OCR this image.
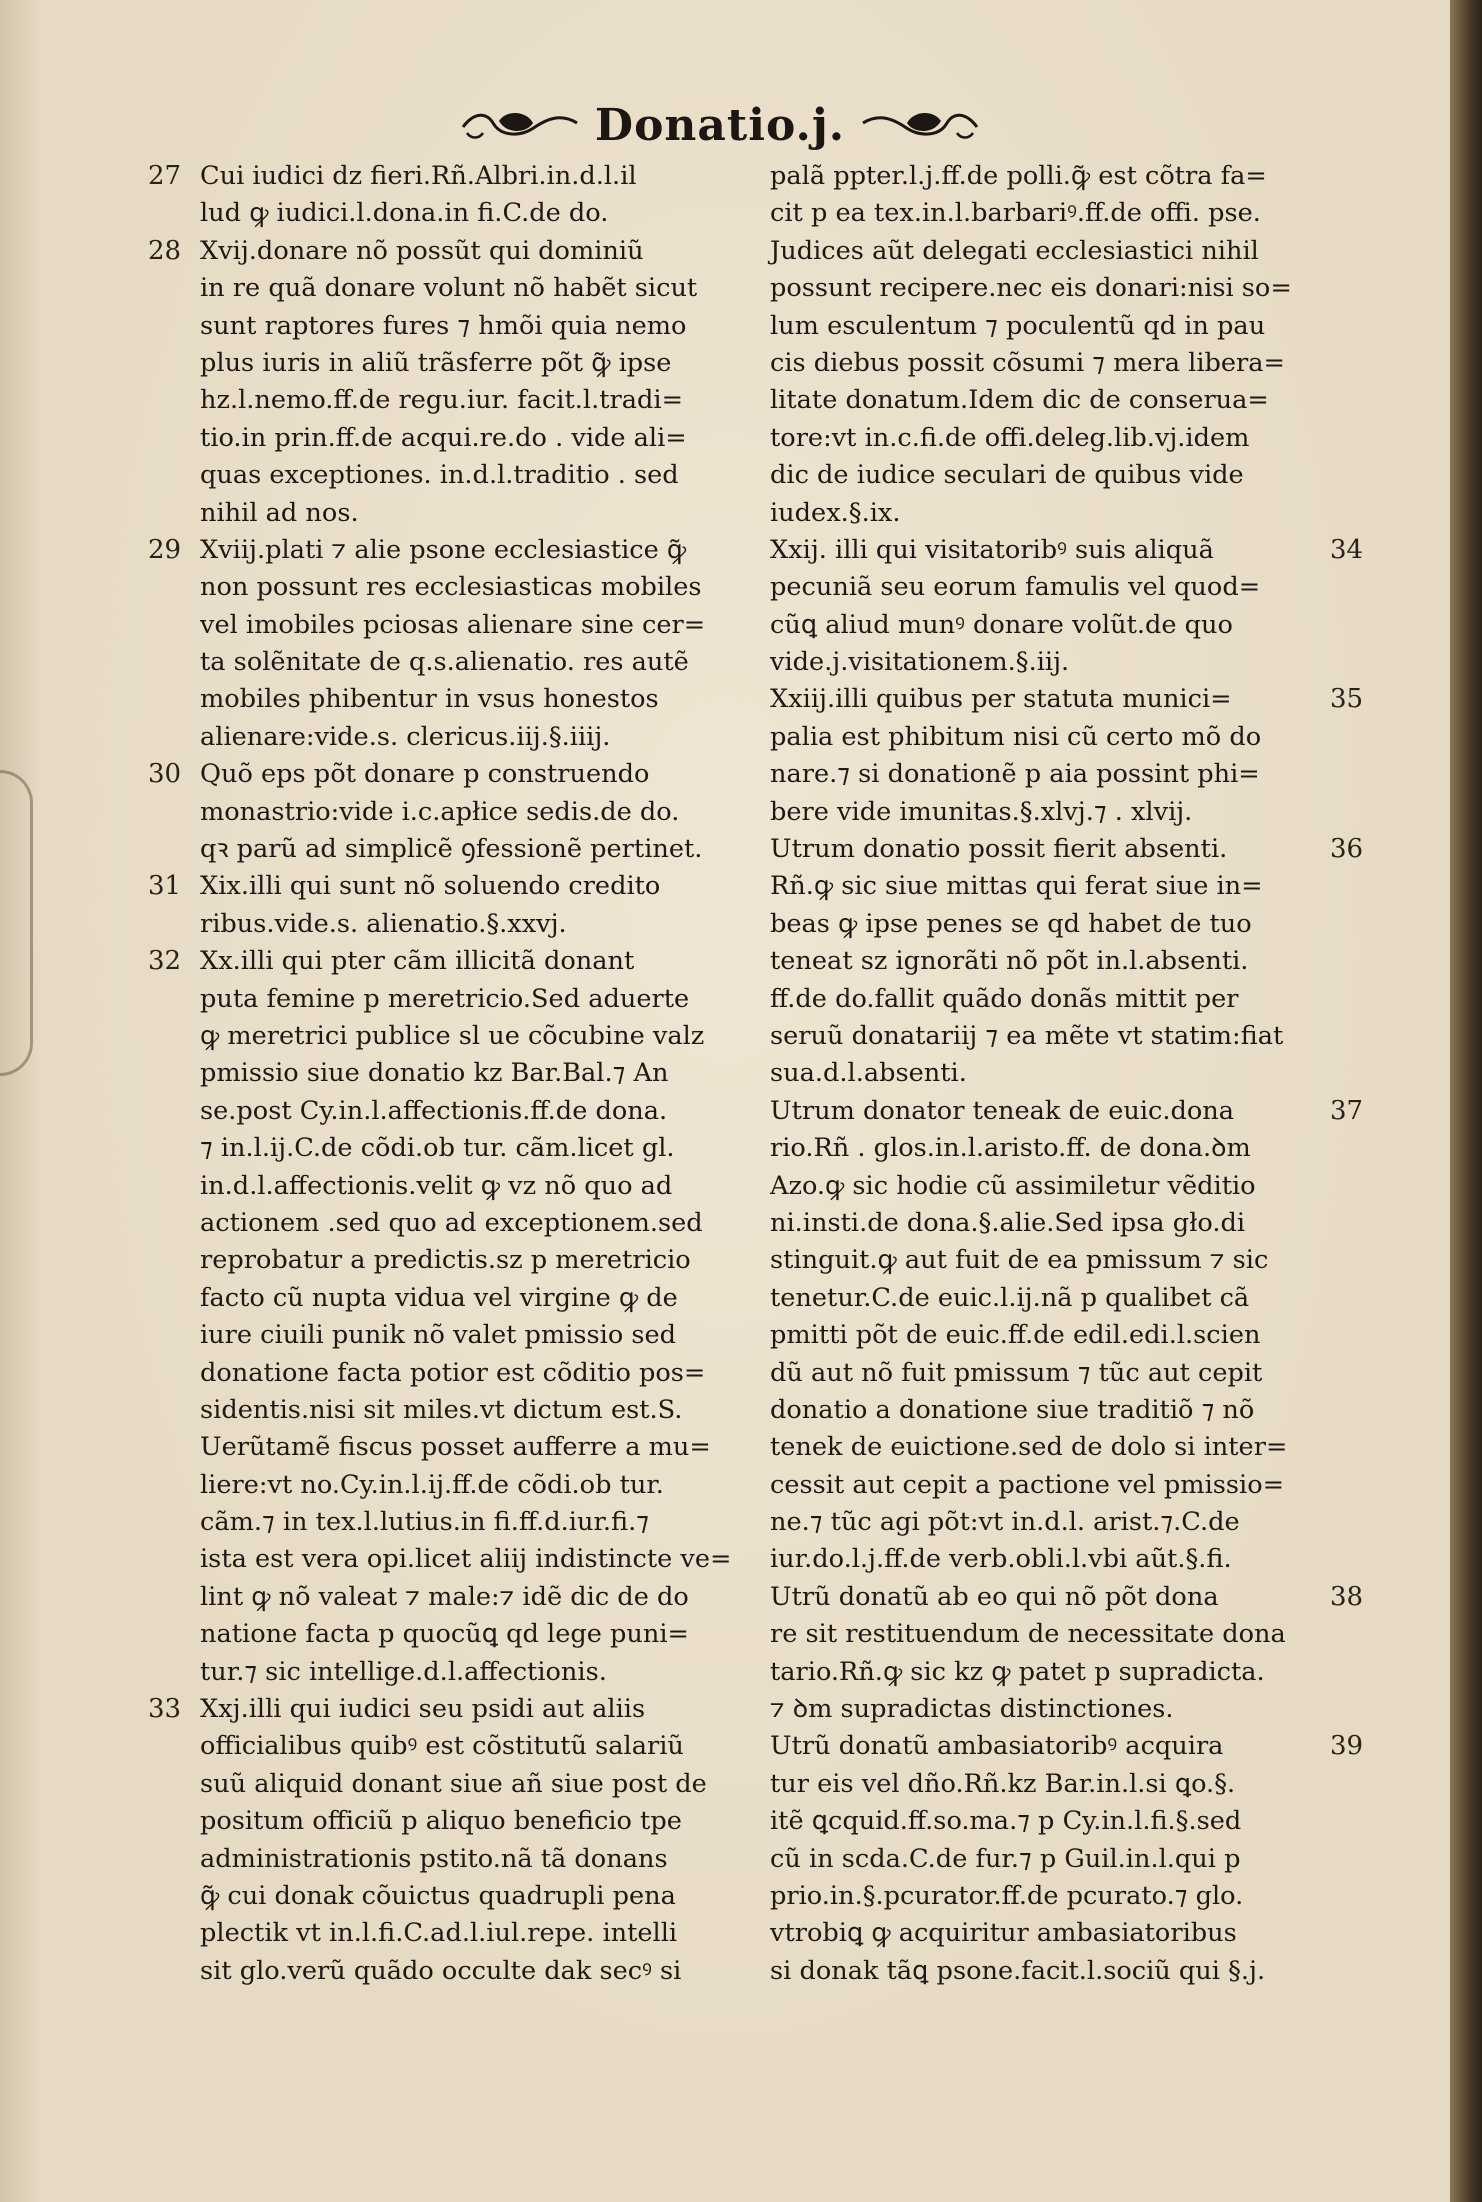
Donatio.j.
27 Cui iudici dz fieri.Rñ.Albri.in.d.l.il
lud ꝙ iudici.l.dona.in fi.C.de do.
28 Xvij.donare nõ possũt qui dominiũ
in re quã donare volunt nõ habẽt sicut
sunt raptores fures ⁊ hmõi quia nemo
plus iuris in aliũ trãsferre põt ꝙ̃ ipse
hz.l.nemo.ff.de regu.iur. facit.l.tradi=
tio.in prin.ff.de acqui.re.do . vide ali=
quas exceptiones. in.d.l.traditio . sed
nihil ad nos.
29 Xviij.plati ⁊ alie psone ecclesiastice ꝙ̃
non possunt res ecclesiasticas mobiles
vel imobiles pciosas alienare sine cer=
ta solẽnitate de q.s.alienatio. res autẽ
mobiles phibentur in vsus honestos
alienare:vide.s. clericus.iij.§.iiij.
30 Quõ eps põt donare p construendo
monastrio:vide i.c.apłice sedis.de do.
qꝛ parũ ad simplicẽ ꝯfessionẽ pertinet.
31 Xix.illi qui sunt nõ soluendo credito
ribus.vide.s. alienatio.§.xxvj.
32 Xx.illi qui pter cãm illicitã donant
puta femine p meretricio.Sed aduerte
ꝙ meretrici publice sl ue cõcubine valz
pmissio siue donatio kz Bar.Bal.⁊ An
se.post Cy.in.l.affectionis.ff.de dona.
⁊ in.l.ij.C.de cõdi.ob tur. cãm.licet gl.
in.d.l.affectionis.velit ꝙ vz nõ quo ad
actionem .sed quo ad exceptionem.sed
reprobatur a predictis.sz p meretricio
facto cũ nupta vidua vel virgine ꝙ de
iure ciuili punik nõ valet pmissio sed
donatione facta potior est cõditio pos=
sidentis.nisi sit miles.vt dictum est.S.
Uerũtamẽ fiscus posset aufferre a mu=
liere:vt no.Cy.in.l.ij.ff.de cõdi.ob tur.
cãm.⁊ in tex.l.lutius.in fi.ff.d.iur.fi.⁊
ista est vera opi.licet aliij indistincte ve=
lint ꝙ nõ valeat ⁊ male:⁊ idẽ dic de do
natione facta p quocũꝗ qd lege puni=
tur.⁊ sic intellige.d.l.affectionis.
33 Xxj.illi qui iudici seu psidi aut aliis
officialibus quibꝰ est cõstitutũ salariũ
suũ aliquid donant siue añ siue post de
positum officiũ p aliquo beneficio tpe
administrationis pstito.nã tã donans
ꝙ̃ cui donak cõuictus quadrupli pena
plectik vt in.l.fi.C.ad.l.iul.repe. intelli
sit glo.verũ quãdo occulte dak secꝰ si
palã ppter.l.j.ff.de polli.ꝙ̃ est cõtra fa=
cit p ea tex.in.l.barbariꝰ.ff.de offi. pse.
Judices aũt delegati ecclesiastici nihil
possunt recipere.nec eis donari:nisi so=
lum esculentum ⁊ poculentũ qd in pau
cis diebus possit cõsumi ⁊ mera libera=
litate donatum.Idem dic de conserua=
tore:vt in.c.fi.de offi.deleg.lib.vj.idem
dic de iudice seculari de quibus vide
iudex.§.ix.
34
Xxij. illi qui visitatoribꝰ suis aliquã
pecuniã seu eorum famulis vel quod=
cũꝗ aliud munꝰ donare volũt.de quo
vide.j.visitationem.§.iij.
35
Xxiij.illi quibus per statuta munici=
palia est phibitum nisi cũ certo mõ do
nare.⁊ si donationẽ p aia possint phi=
bere vide imunitas.§.xlvj.⁊ . xlvij.
36
Utrum donatio possit fierit absenti.
Rñ.ꝙ sic siue mittas qui ferat siue in=
beas ꝙ ipse penes se qd habet de tuo
teneat sz ignorãti nõ põt in.l.absenti.
ff.de do.fallit quãdo donãs mittit per
seruũ donatariij ⁊ ea mẽte vt statim:fiat
sua.d.l.absenti.
37
Utrum donator teneak de euic.dona
rio.Rñ . glos.in.l.aristo.ff. de dona.ꝺm
Azo.ꝙ sic hodie cũ assimiletur vẽditio
ni.insti.de dona.§.alie.Sed ipsa gło.di
stinguit.ꝙ aut fuit de ea pmissum ⁊ sic
tenetur.C.de euic.l.ij.nã p qualibet cã
pmitti põt de euic.ff.de edil.edi.l.scien
dũ aut nõ fuit pmissum ⁊ tũc aut cepit
donatio a donatione siue traditiõ ⁊ nõ
tenek de euictione.sed de dolo si inter=
cessit aut cepit a pactione vel pmissio=
ne.⁊ tũc agi põt:vt in.d.l. arist.⁊.C.de
iur.do.l.j.ff.de verb.obli.l.vbi aũt.§.fi.
38
Utrũ donatũ ab eo qui nõ põt dona
re sit restituendum de necessitate dona
tario.Rñ.ꝙ sic kz ꝙ patet p supradicta.
⁊ ꝺm supradictas distinctiones.
39
Utrũ donatũ ambasiatoribꝰ acquira
tur eis vel dño.Rñ.kz Bar.in.l.si ꝗo.§.
itẽ ꝗcquid.ff.so.ma.⁊ p Cy.in.l.fi.§.sed
cũ in scda.C.de fur.⁊ p Guil.in.l.qui p
prio.in.§.pcurator.ff.de pcurato.⁊ glo.
vtrobiꝗ ꝙ acquiritur ambasiatoribus
si donak tãꝗ psone.facit.l.sociũ qui §.j.
